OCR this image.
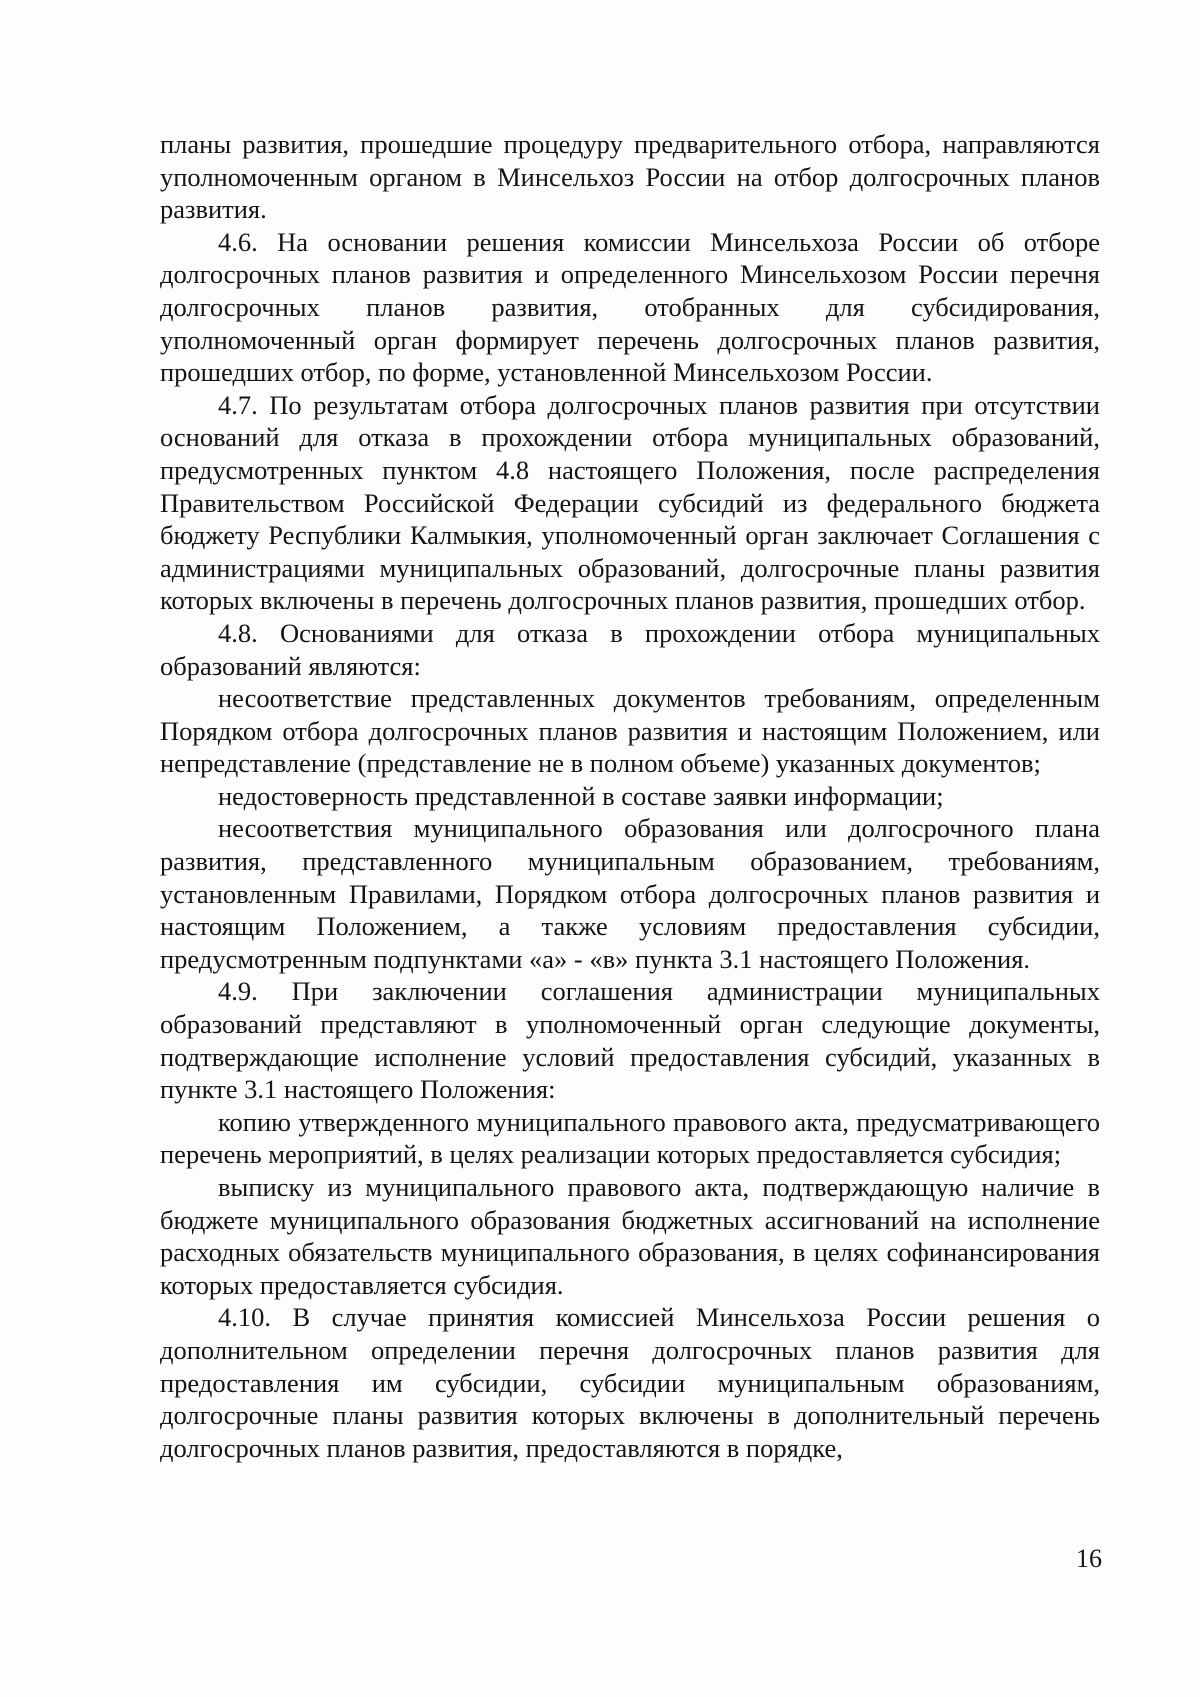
планы развития, прошедшие процедуру предварительного отбора, направляются уполномоченным органом в Минсельхоз России на отбор долгосрочных планов развития.

4.6. На основании решения комиссии Минсельхоза России об отборе долгосрочных планов развития и определенного Минсельхозом России перечня долгосрочных планов развития, отобранных для субсидирования, уполномоченный орган формирует перечень долгосрочных планов развития, прошедших отбор, по форме, установленной Минсельхозом России.

4.7. По результатам отбора долгосрочных планов развития при отсутствии оснований для отказа в прохождении отбора муниципальных образований, предусмотренных пунктом 4.8 настоящего Положения, после распределения Правительством Российской Федерации субсидий из федерального бюджета бюджету Республики Калмыкия, уполномоченный орган заключает Соглашения с администрациями муниципальных образований, долгосрочные планы развития которых включены в перечень долгосрочных планов развития, прошедших отбор.

4.8. Основаниями для отказа в прохождении отбора муниципальных образований являются:

несоответствие представленных документов требованиям, определенным Порядком отбора долгосрочных планов развития и настоящим Положением, или непредставление (представление не в полном объеме) указанных документов;

недостоверность представленной в составе заявки информации;

несоответствия муниципального образования или долгосрочного плана развития, представленного муниципальным образованием, требованиям, установленным Правилами, Порядком отбора долгосрочных планов развития и настоящим Положением, а также условиям предоставления субсидии, предусмотренным подпунктами «а» - «в» пункта 3.1 настоящего Положения.

4.9. При заключении соглашения администрации муниципальных образований представляют в уполномоченный орган следующие документы, подтверждающие исполнение условий предоставления субсидий, указанных в пункте 3.1 настоящего Положения:

копию утвержденного муниципального правового акта, предусматривающего перечень мероприятий, в целях реализации которых предоставляется субсидия;

выписку из муниципального правового акта, подтверждающую наличие в бюджете муниципального образования бюджетных ассигнований на исполнение расходных обязательств муниципального образования, в целях софинансирования которых предоставляется субсидия.

4.10. В случае принятия комиссией Минсельхоза России решения о дополнительном определении перечня долгосрочных планов развития для предоставления им субсидии, субсидии муниципальным образованиям, долгосрочные планы развития которых включены в дополнительный перечень долгосрочных планов развития, предоставляются в порядке,

16
